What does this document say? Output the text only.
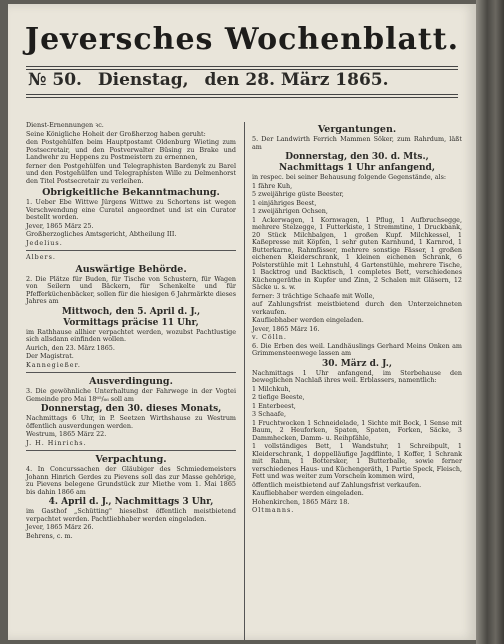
Jeversches Wochenblatt.
№ 50. Dienstag, den 28. März 1865.

Dienst-Ernennungen ꝛc.

Seine Königliche Hoheit der Großherzog haben geruht:

den Postgehülfen beim Hauptpostamt Oldenburg Wieting zum Postsecretair, und den Postverwalter Büsing zu Brake und Landwehr zu Heppens zu Postmeistern zu ernennen,

ferner den Postgehülfen und Telegraphisten Bardenyk zu Barel und den Postgehülfen und Telegraphisten Wille zu Delmenhorst den Titel Postsecretair zu verleihen.

Obrigkeitliche Bekanntmachung.

1. Ueber Ebe Wittwe Jürgens Wittwe zu Schortens ist wegen Verschwendung eine Curatel angeordnet und ist ein Curator bestellt worden.

Jever, 1865 März 25.

Großherzogliches Amtsgericht, Abtheilung III.

Jedelius.

Albers.

Auswärtige Behörde.

2. Die Plätze für Buden, für Tische von Schustern, für Wagen von Seilern und Bäckern, für Schenkelte und für Pfefferküchenbäcker, sollen für die hiesigen 6 Jahrmärkte dieses Jahres am

Mittwoch, den 5. April d. J.,
Vormittags präcise 11 Uhr,

im Rathhause allhier verpachtet werden, wozubst Pachtlustige sich allsdann einfinden wollen.

Aurich, den 23. März 1865.

Der Magistrat.

Kannegießer.

Ausverdingung.

3. Die gewöhnliche Unterhaltung der Fahrwege in der Vogtei Gemeinde pro Mai 18⁶⁵/₆₆ soll am

Donnerstag, den 30. dieses Monats,

Nachmittags 6 Uhr, in P. Seetzen Wirthshause zu Westrum öffentlich ausverdungen werden.

Westrum, 1865 März 22.

J. H. Hinrichs.

Verpachtung.

4. In Concurssachen der Gläubiger des Schmiedemeisters Johann Hinrich Gerdes zu Pievens soll das zur Masse gehörige, zu Pievens belegene Grundstück zur Miethe vom 1. Mai 1865 bis dahin 1866 am

4. April d. J., Nachmittags 3 Uhr,

im Gasthof „Schütting" hieselbst öffentlich meistbietend verpachtet werden. Pachtliebhaber werden eingeladen.

Jever, 1865 März 26.

Behrens, c. m.

Vergantungen.

5. Der Landwirth Ferrich Mammen Söker, zum Rahrdum, läßt am

Donnerstag, den 30. d. Mts.,
Nachmittags 1 Uhr anfangend,

in respec. bei seiner Behausung folgende Gegenstände, als:

1 fähre Kuh,

5 zweijährige güste Beester,

1 einjähriges Beest,

1 zweijährigen Ochsen,

1 Ackerwagen, 1 Kornwagen, 1 Pflug, 1 Aufbruchsegge, mehrere Stelzegge, 1 Futterkiste, 1 Stremmtine, 1 Druckbank, 20 Stück Milchbalgen, 1 großen Kupf. Milchkessel, 1 Kaßepresse mit Köpfen, 1 sehr guten Karnhund, 1 Karnrod, 1 Butterkarne, Rahmfässer, mehrere sonstige Fässer, 1 großen eichenen Kleiderschrank, 1 kleinen eichenen Schrank, 6 Polsterstühle mit 1 Lehnstuhl, 4 Gartenstühle, mehrere Tische, 1 Backtrog und Backtisch, 1 completes Bett, verschiedenes Küchengeräthe in Kupfer und Zinn, 2 Schalen mit Gläsern, 12 Säcke u. s. w.

ferner: 3 trächtige Schaafe mit Wolle,

auf Zahlungsfrist meistbietend durch den Unterzeichneten verkaufen.

Kaufliebhaber werden eingeladen.

Jever, 1865 März 16.

v. Cölln.

6. Die Erben des weil. Landhäuslings Gerhard Meins Onken am Grimmensteenwege lassen am

30. März d. J.,

Nachmittags 1 Uhr anfangend, im Sterbehause den beweglichen Nachlaß ihres weil. Erblassers, namentlich:

1 Milchkuh,

2 tiefige Beeste,

1 Enterbeest,

3 Schaafe,

1 Fruchtwocken 1 Schneidelade, 1 Sichte mit Bock, 1 Sense mit Baum, 2 Heuforken, Spaten, Spaten, Forken, Säcke, 3 Dammhecken, Damm- u. Reihpfähle,

1 vollständiges Bett, 1 Wandstuhr, 1 Schreibpult, 1 Kleiderschrank, 1 doppelläufige Jagdflinte, 1 Koffer, 1 Schrank mit Rahm, 1 Bottersker, 1 Butterballe, sowie ferner verschiedenes Haus- und Küchengeräth, 1 Partie Speck, Fleisch, Fett und was weiter zum Vorschein kommen wird,

öffentlich meistbietend auf Zahlungsfrist verkaufen.

Kaufliebhaber werden eingeladen.

Hohenkirchen, 1865 März 18.

Oltmanns.
